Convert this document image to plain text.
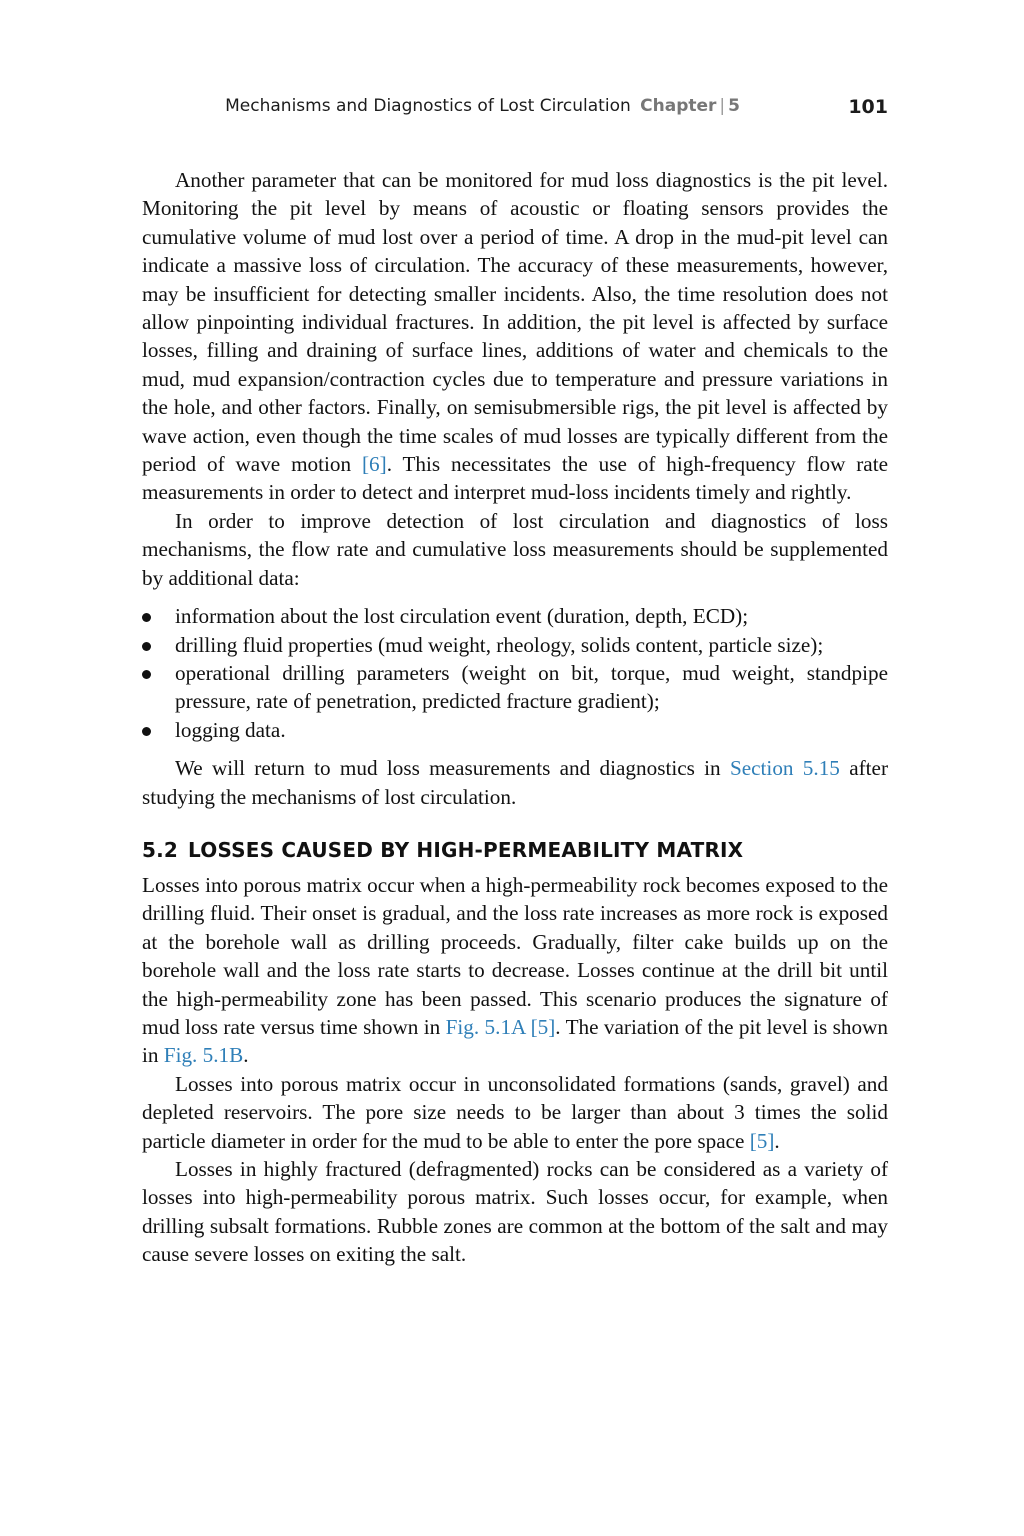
Mechanisms and Diagnostics of Lost Circulation Chapter | 5	101

Another parameter that can be monitored for mud loss diagnostics is the pit level. Monitoring the pit level by means of acoustic or floating sensors provides the cumulative volume of mud lost over a period of time. A drop in the mud-pit level can indicate a massive loss of circulation. The accuracy of these measurements, however, may be insufficient for detecting smaller incidents. Also, the time resolution does not allow pinpointing individual fractures. In addition, the pit level is affected by surface losses, filling and draining of surface lines, additions of water and chemicals to the mud, mud expansion/contraction cycles due to temperature and pressure variations in the hole, and other factors. Finally, on semisubmersible rigs, the pit level is affected by wave action, even though the time scales of mud losses are typically different from the period of wave motion [6]. This necessitates the use of high-frequency flow rate measurements in order to detect and interpret mud-loss incidents timely and rightly.

In order to improve detection of lost circulation and diagnostics of loss mechanisms, the flow rate and cumulative loss measurements should be supplemented by additional data:

information about the lost circulation event (duration, depth, ECD);
drilling fluid properties (mud weight, rheology, solids content, particle size);
operational drilling parameters (weight on bit, torque, mud weight, standpipe pressure, rate of penetration, predicted fracture gradient);
logging data.

We will return to mud loss measurements and diagnostics in Section 5.15 after studying the mechanisms of lost circulation.

5.2 LOSSES CAUSED BY HIGH-PERMEABILITY MATRIX

Losses into porous matrix occur when a high-permeability rock becomes exposed to the drilling fluid. Their onset is gradual, and the loss rate increases as more rock is exposed at the borehole wall as drilling proceeds. Gradually, filter cake builds up on the borehole wall and the loss rate starts to decrease. Losses continue at the drill bit until the high-permeability zone has been passed. This scenario produces the signature of mud loss rate versus time shown in Fig. 5.1A [5]. The variation of the pit level is shown in Fig. 5.1B.

Losses into porous matrix occur in unconsolidated formations (sands, gravel) and depleted reservoirs. The pore size needs to be larger than about 3 times the solid particle diameter in order for the mud to be able to enter the pore space [5].

Losses in highly fractured (defragmented) rocks can be considered as a variety of losses into high-permeability porous matrix. Such losses occur, for example, when drilling subsalt formations. Rubble zones are common at the bottom of the salt and may cause severe losses on exiting the salt.
